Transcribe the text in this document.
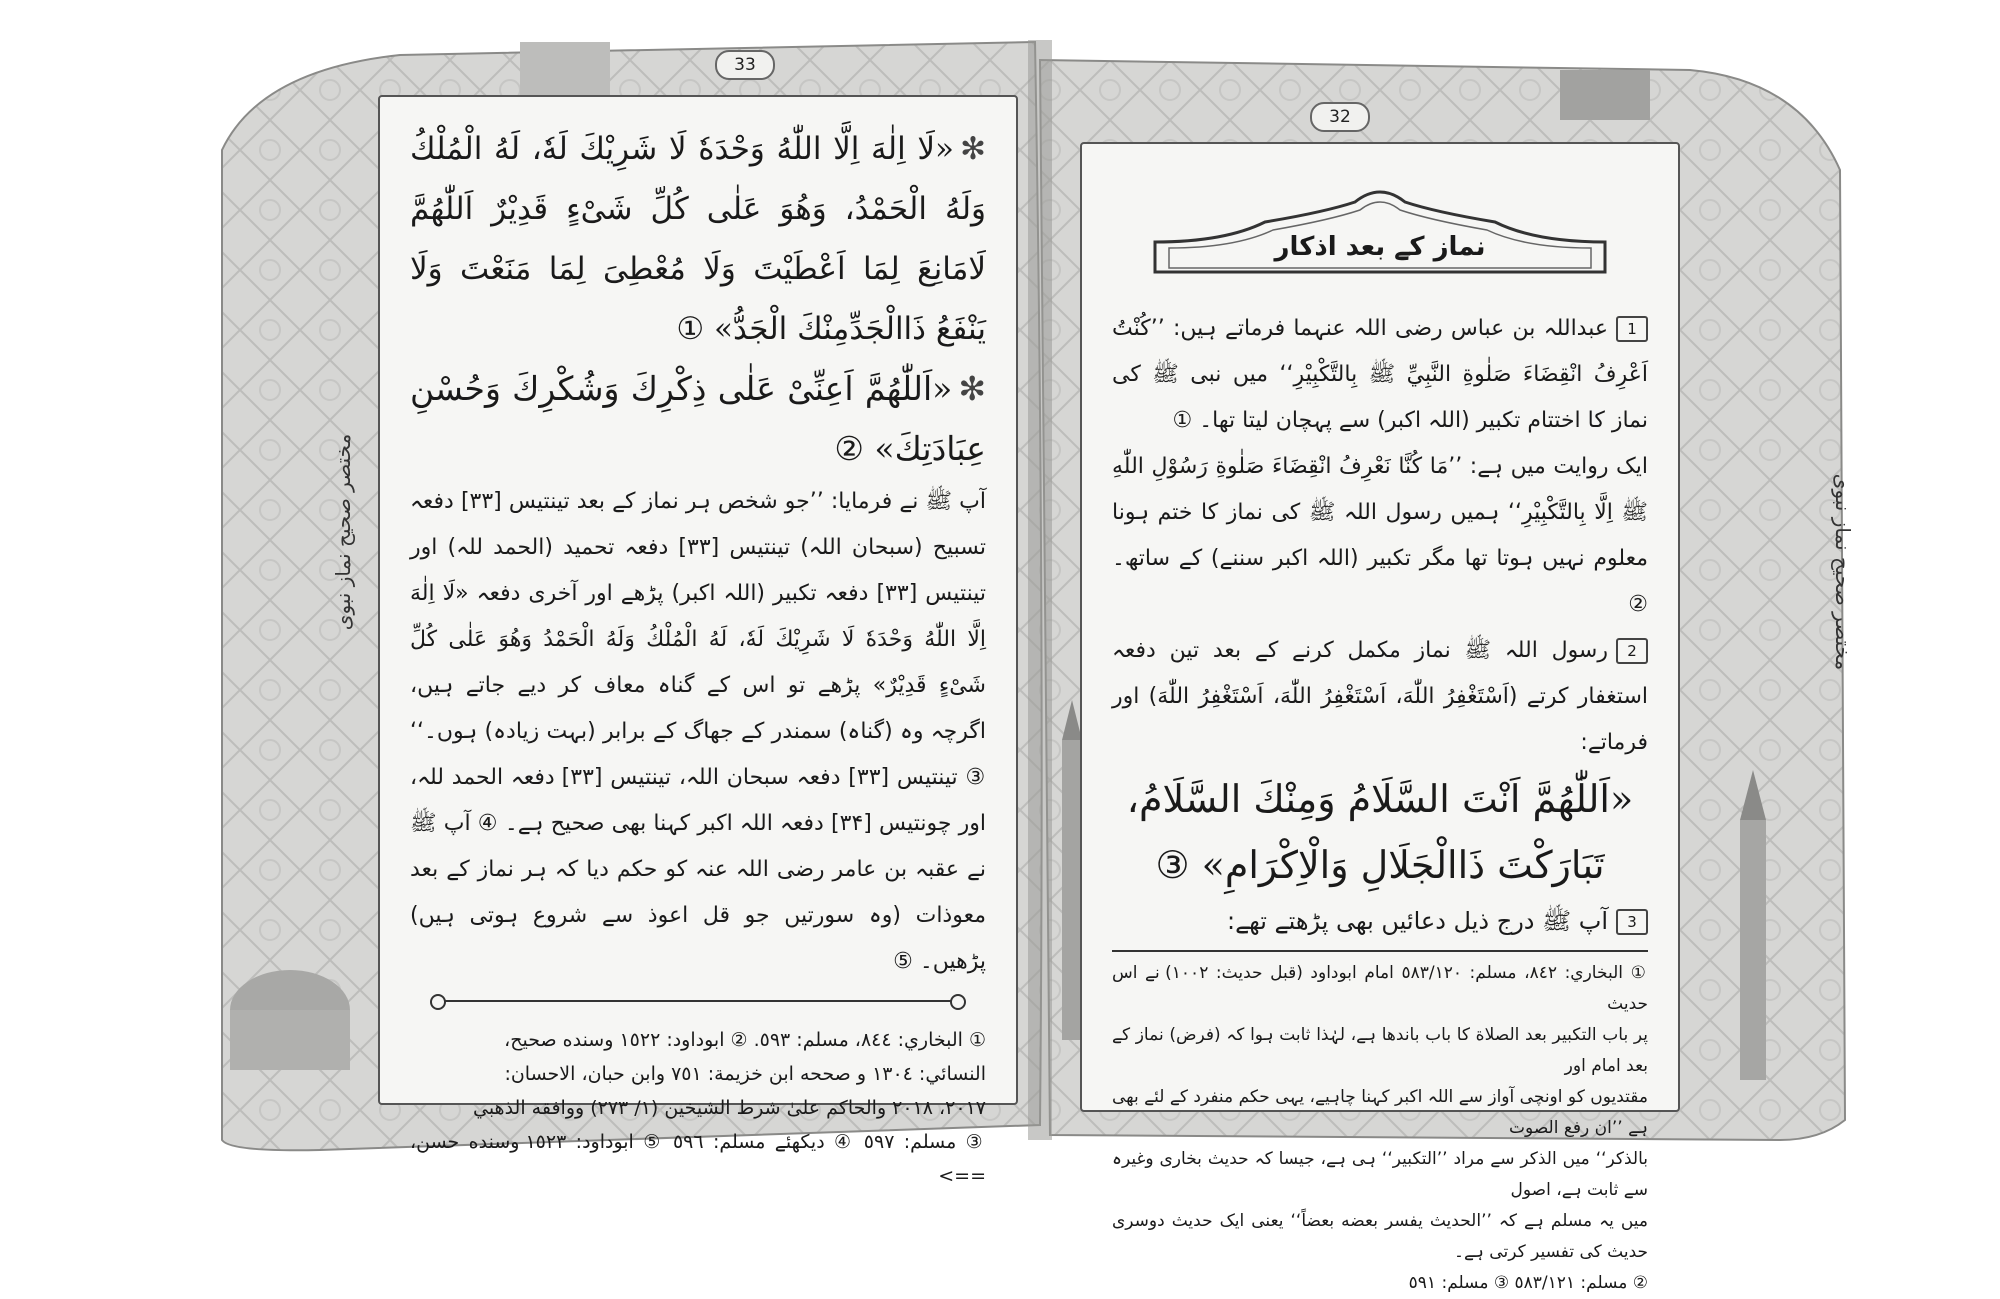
33
مختصر صحیح نماز نبوی

✻«لَا اِلٰهَ اِلَّا اللّٰهُ وَحْدَهٗ لَا شَرِیْكَ لَهٗ، لَهُ الْمُلْكُ وَلَهُ الْحَمْدُ، وَهُوَ عَلٰی كُلِّ شَیْءٍ قَدِیْرٌ اَللّٰهُمَّ لَامَانِعَ لِمَا اَعْطَیْتَ وَلَا مُعْطِیَ لِمَا مَنَعْتَ وَلَا یَنْفَعُ ذَاالْجَدِّمِنْكَ الْجَدُّ» ①

✻«اَللّٰهُمَّ اَعِنِّیْ عَلٰی ذِكْرِكَ وَشُكْرِكَ وَحُسْنِ عِبَادَتِكَ» ②

آپ ﷺ نے فرمایا: ’’جو شخص ہر نماز کے بعد تینتیس [۳۳] دفعہ تسبیح (سبحان اللہ) تینتیس [۳۳] دفعہ تحمید (الحمد للہ) اور تینتیس [۳۳] دفعہ تکبیر (اللہ اکبر) پڑھے اور آخری دفعہ «لَا اِلٰهَ اِلَّا اللّٰهُ وَحْدَهٗ لَا شَرِیْكَ لَهٗ، لَهُ الْمُلْكُ وَلَهُ الْحَمْدُ وَهُوَ عَلٰی كُلِّ شَیْءٍ قَدِیْرٌ» پڑھے تو اس کے گناہ معاف کر دیے جاتے ہیں، اگرچہ وہ (گناہ) سمندر کے جھاگ کے برابر (بہت زیادہ) ہوں۔‘‘ ③ تینتیس [۳۳] دفعہ سبحان اللہ، تینتیس [۳۳] دفعہ الحمد للہ، اور چونتیس [۳۴] دفعہ اللہ اکبر کہنا بھی صحیح ہے۔ ④ آپ ﷺ نے عقبہ بن عامر رضی اللہ عنہ کو حکم دیا کہ ہر نماز کے بعد معوذات (وہ سورتیں جو قل اعوذ سے شروع ہوتی ہیں) پڑھیں۔ ⑤

① البخاري: ٨٤٤، مسلم: ٥٩٣. ② ابوداود: ١٥٢٢ وسنده صحيح،

النسائي: ١٣٠٤ و صححه ابن خزيمة: ٧٥١ وابن حبان، الاحسان:

٢٠١٧، ٢٠١٨ والحاكم علىٰ شرط الشيخين (١/ ٢٧٣) ووافقه الذهبي

③ مسلم: ٥٩٧ ④ دیکھئے مسلم: ٥٩٦ ⑤ ابوداود: ١٥٢٣ وسنده حسن، ==>

32
مختصر صحیح نماز نبوی
نماز کے بعد اذکار

1عبداللہ بن عباس رضی اللہ عنہما فرماتے ہیں: ’’كُنْتُ اَعْرِفُ انْقِضَاءَ صَلٰوةِ النَّبِيِّ ﷺ بِالتَّكْبِيْرِ‘‘ میں نبی ﷺ کی نماز کا اختتام تکبیر (اللہ اکبر) سے پہچان لیتا تھا۔ ①

ایک روایت میں ہے: ’’مَا كُنَّا نَعْرِفُ انْقِضَاءَ صَلٰوةِ رَسُوْلِ اللّٰهِ ﷺ اِلَّا بِالتَّكْبِيْرِ‘‘ ہمیں رسول اللہ ﷺ کی نماز کا ختم ہونا معلوم نہیں ہوتا تھا مگر تکبیر (اللہ اکبر سننے) کے ساتھ۔ ②

2رسول اللہ ﷺ نماز مکمل کرنے کے بعد تین دفعہ استغفار کرتے (اَسْتَغْفِرُ اللّٰهَ، اَسْتَغْفِرُ اللّٰهَ، اَسْتَغْفِرُ اللّٰهَ) اور فرماتے:

«اَللّٰهُمَّ اَنْتَ السَّلَامُ وَمِنْكَ السَّلَامُ، تَبَارَكْتَ ذَاالْجَلَالِ وَالْاِكْرَامِ» ③

3آپ ﷺ درج ذیل دعائیں بھی پڑھتے تھے:

① البخاري: ٨٤٢، مسلم: ٥٨٣/١٢٠ امام ابوداود (قبل حدیث: ١٠٠٢) نے اس حدیث

پر باب التكبير بعد الصلاة کا باب باندھا ہے، لہٰذا ثابت ہوا کہ (فرض) نماز کے بعد امام اور

مقتدیوں کو اونچی آواز سے اللہ اکبر کہنا چاہیے، یہی حکم منفرد کے لئے بھی ہے ’’ان رفع الصوت

بالذكر‘‘ میں الذکر سے مراد ’’التکبیر‘‘ ہی ہے، جیسا کہ حدیث بخاری وغیرہ سے ثابت ہے، اصول

میں یہ مسلم ہے کہ ’’الحدیث یفسر بعضه بعضاً‘‘ یعنی ایک حدیث دوسری حدیث کی تفسیر کرتی ہے۔

② مسلم: ٥٨٣/١٢١ ③ مسلم: ٥٩١
